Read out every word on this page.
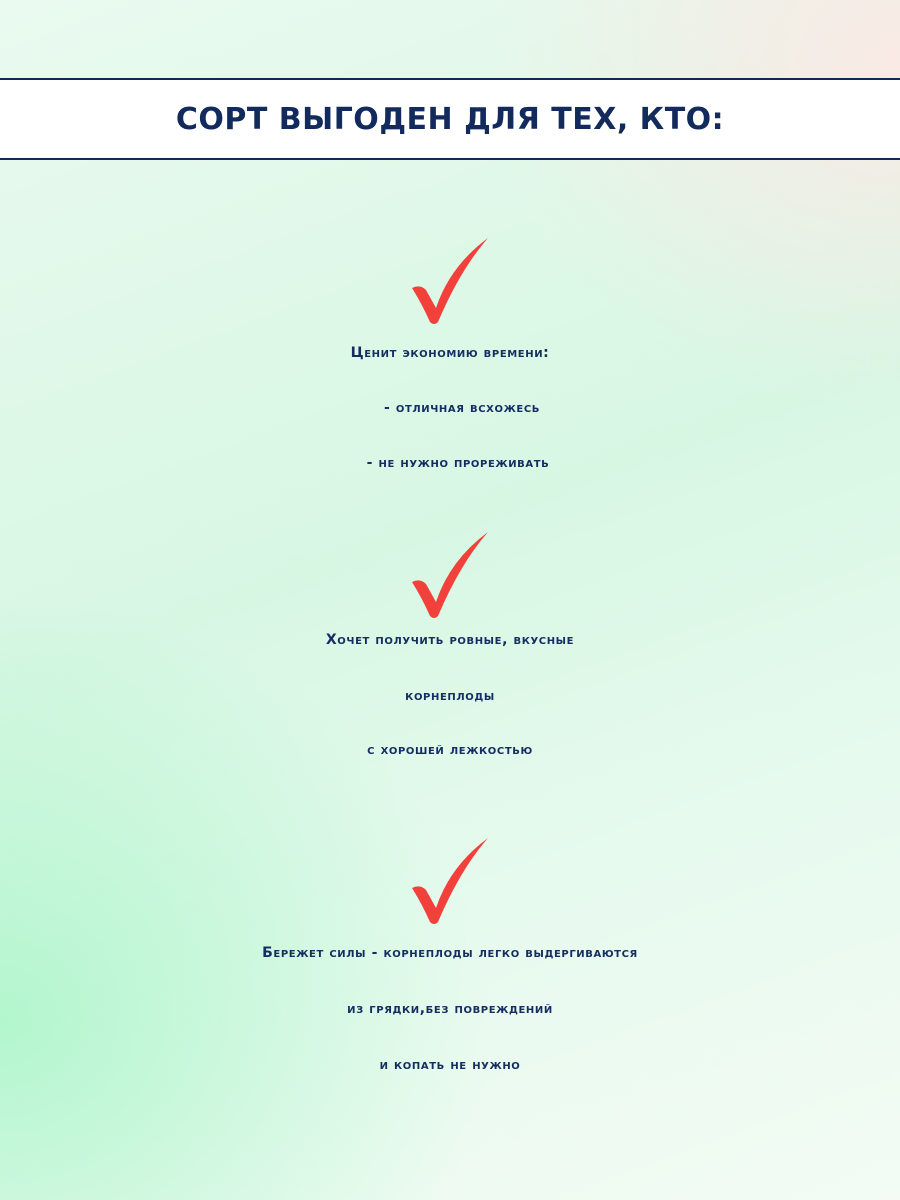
СОРТ ВЫГОДЕН ДЛЯ ТЕХ, КТО:
Ценит экономию времени:
- отличная всхожесь
- не нужно прореживать
Хочет получить ровные, вкусные
корнеплоды
с хорошей лежкостью
Бережет силы - корнеплоды легко выдергиваются
из грядки,без повреждений
и копать не нужно
